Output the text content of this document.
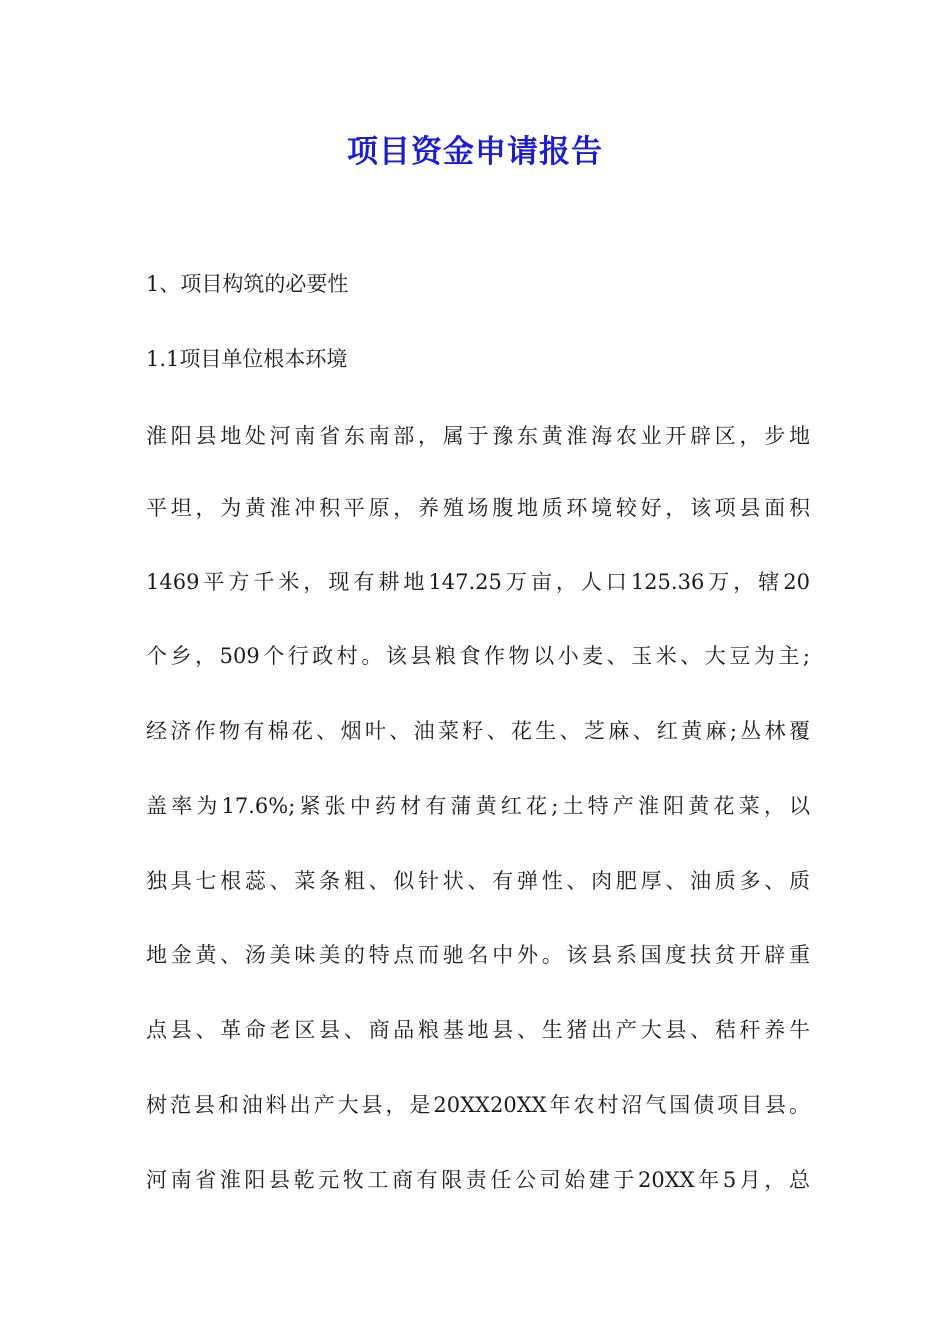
项目资金申请报告
1、项目构筑的必要性
1.1项目单位根本环境
淮阳县地处河南省东南部，属于豫东黄淮海农业开辟区，步地
平坦，为黄淮冲积平原，养殖场腹地质环境较好，该项县面积
1469平方千米，现有耕地147.25万亩，人口125.36万，辖20
个乡，509个行政村。该县粮食作物以小麦、玉米、大豆为主;
经济作物有棉花、烟叶、油菜籽、花生、芝麻、红黄麻;丛林覆
盖率为17.6%;紧张中药材有蒲黄红花;土特产淮阳黄花菜，以
独具七根蕊、菜条粗、似针状、有弹性、肉肥厚、油质多、质
地金黄、汤美味美的特点而驰名中外。该县系国度扶贫开辟重
点县、革命老区县、商品粮基地县、生猪出产大县、秸秆养牛
树范县和油料出产大县，是20XX20XX年农村沼气国债项目县。
河南省淮阳县乾元牧工商有限责任公司始建于20XX年5月，总
